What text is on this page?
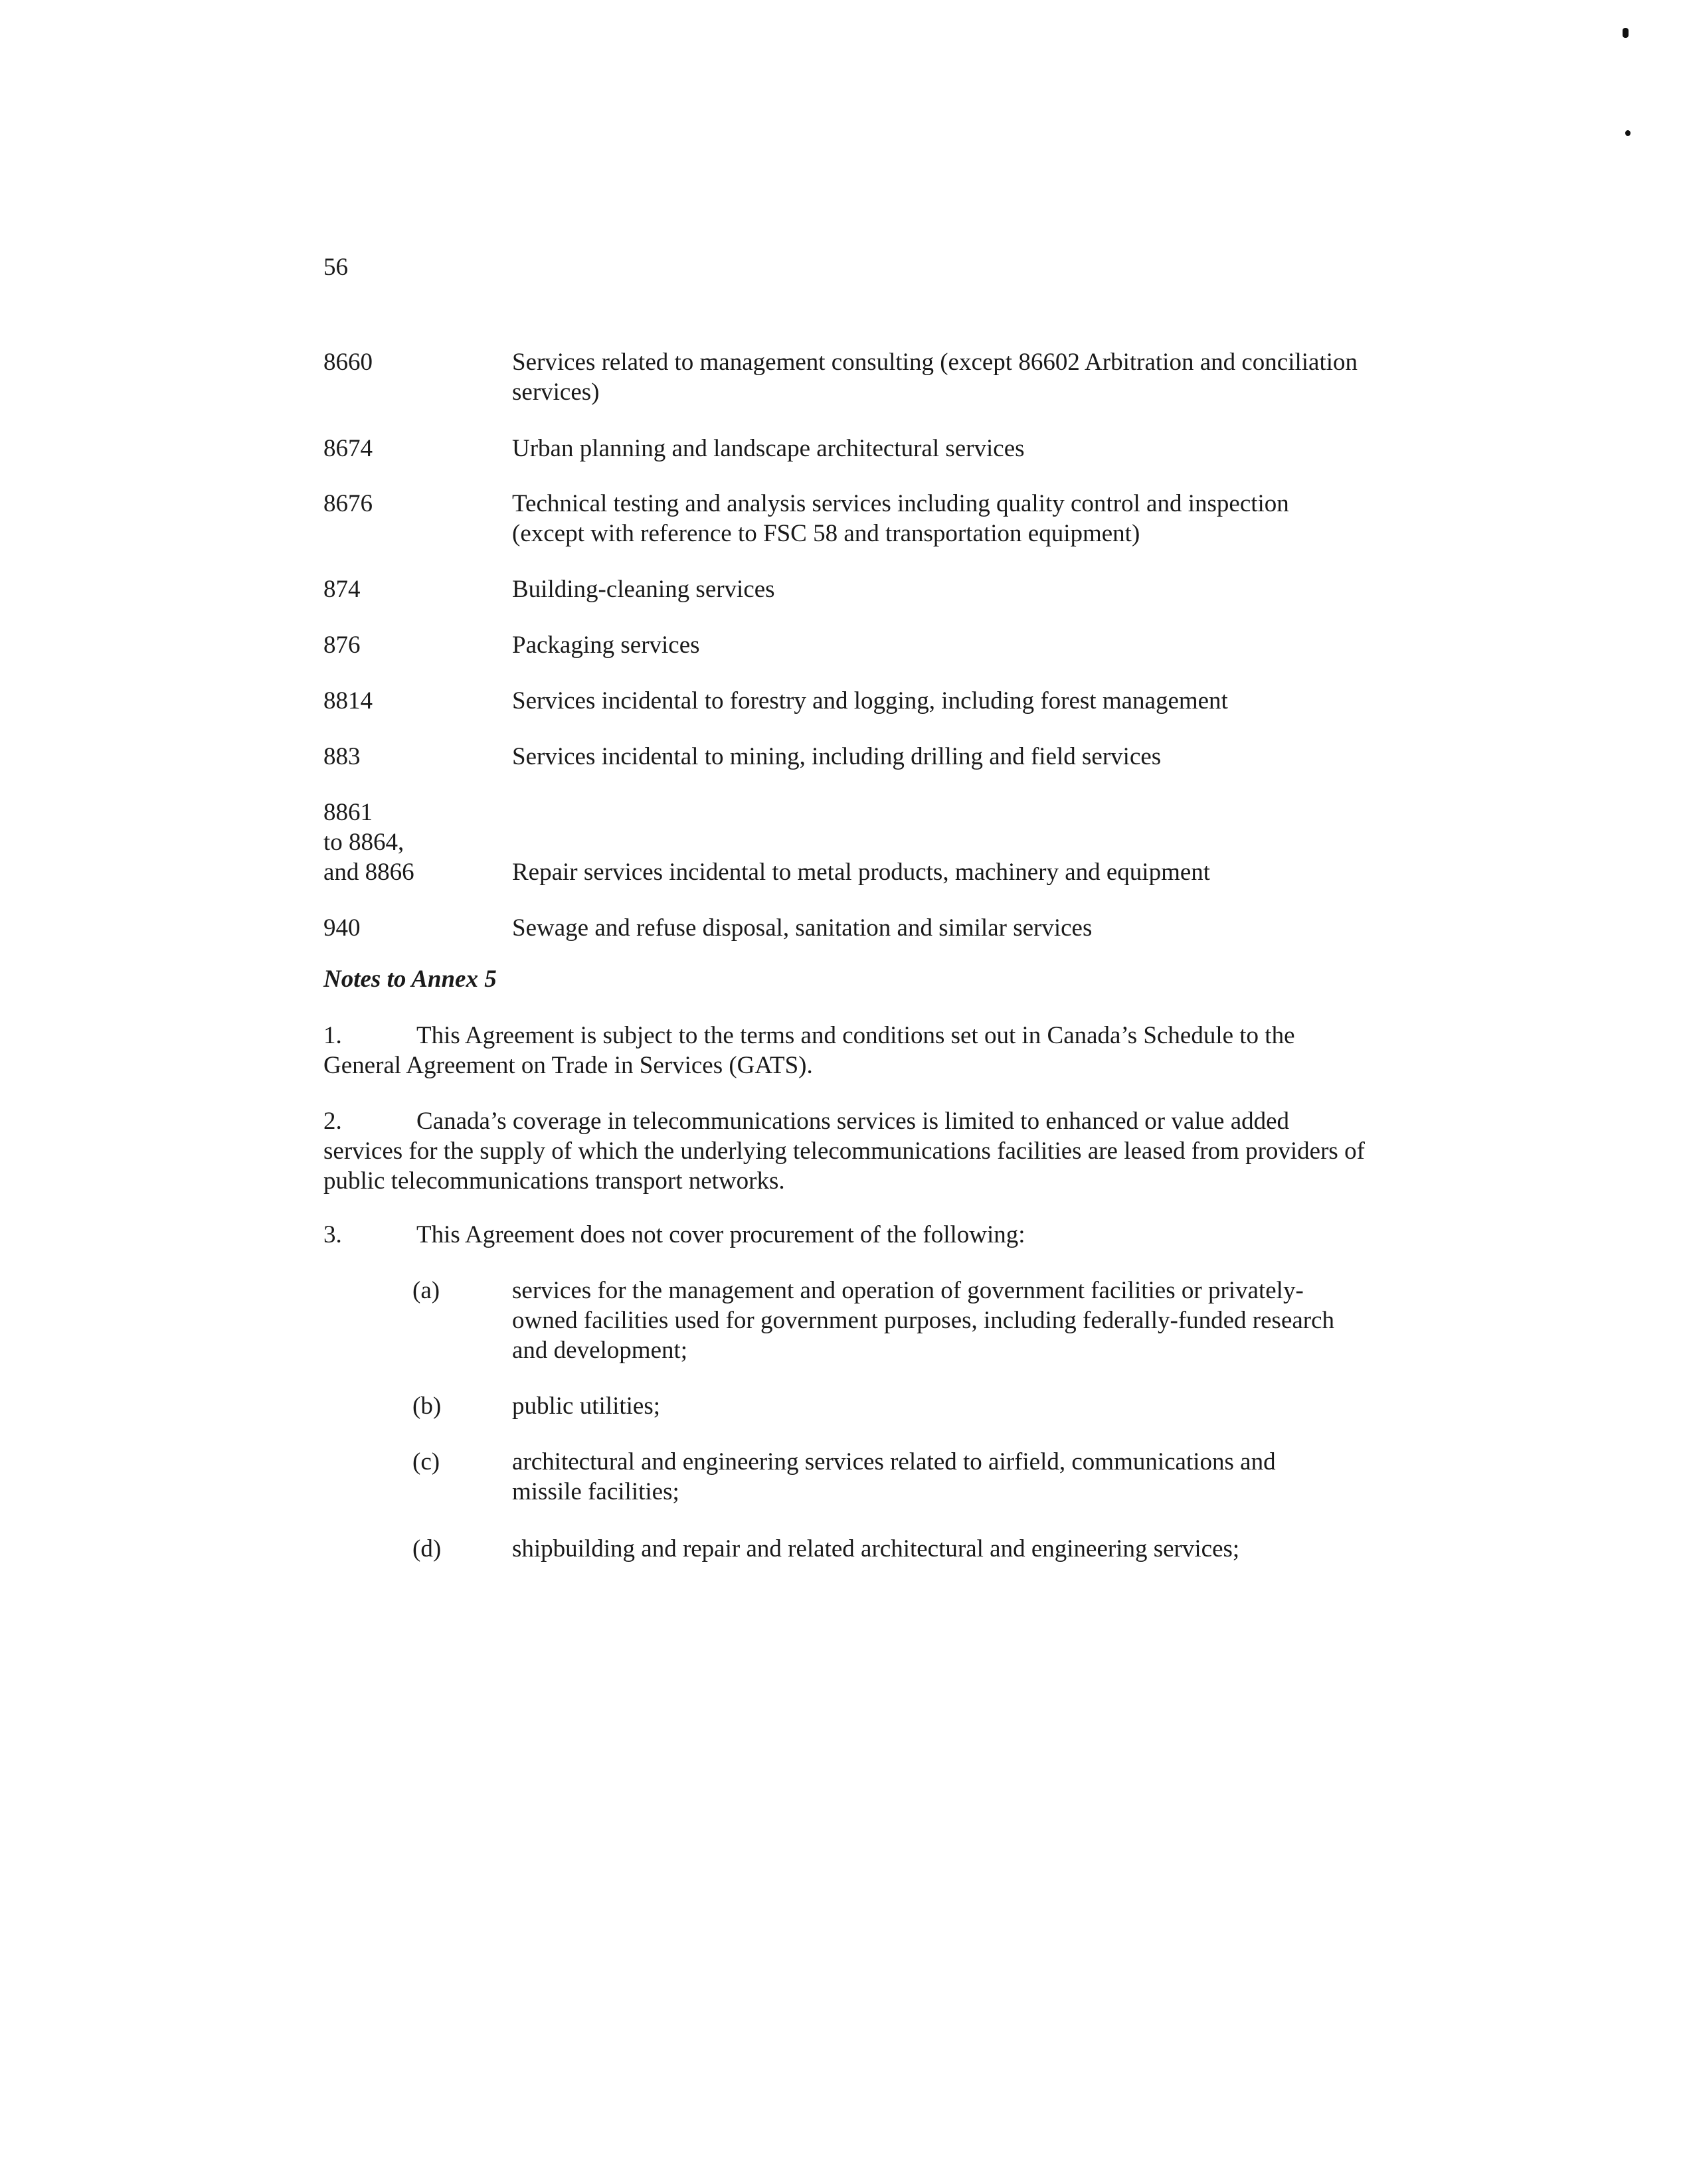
56
8660	Services related to management consulting (except 86602 Arbitration and conciliation services)
8674	Urban planning and landscape architectural services
8676	Technical testing and analysis services including quality control and inspection (except with reference to FSC 58 and transportation equipment)
874	Building-cleaning services
876	Packaging services
8814	Services incidental to forestry and logging, including forest management
883	Services incidental to mining, including drilling and field services
8861
to 8864,
and 8866	Repair services incidental to metal products, machinery and equipment
940	Sewage and refuse disposal, sanitation and similar services
Notes to Annex 5
1.	This Agreement is subject to the terms and conditions set out in Canada’s Schedule to the General Agreement on Trade in Services (GATS).
2.	Canada’s coverage in telecommunications services is limited to enhanced or value added services for the supply of which the underlying telecommunications facilities are leased from providers of public telecommunications transport networks.
3.	This Agreement does not cover procurement of the following:
(a)	services for the management and operation of government facilities or privately-owned facilities used for government purposes, including federally-funded research and development;
(b)	public utilities;
(c)	architectural and engineering services related to airfield, communications and missile facilities;
(d)	shipbuilding and repair and related architectural and engineering services;
